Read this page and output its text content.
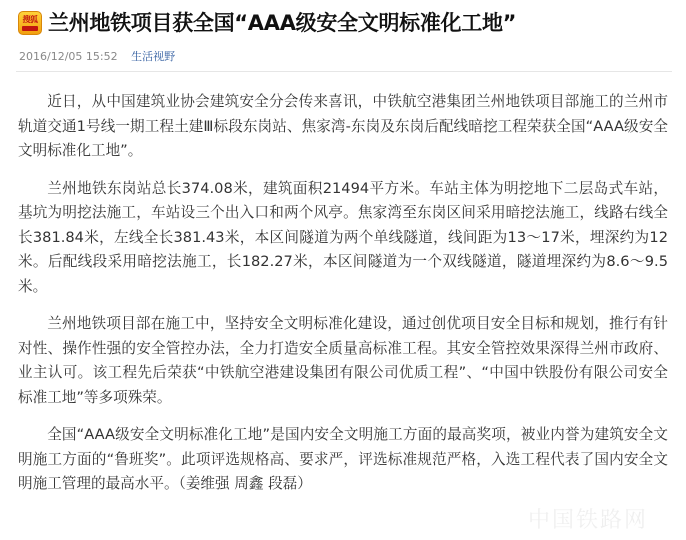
搜狐 兰州地铁项目获全国“AAA级安全文明标准化工地”
2016/12/05 15:52 生活视野

近日，从中国建筑业协会建筑安全分会传来喜讯，中铁航空港集团兰州地铁项目部施工的兰州市轨道交通1号线一期工程土建Ⅲ标段东岗站、焦家湾-东岗及东岗后配线暗挖工程荣获全国“AAA级安全文明标准化工地”。

兰州地铁东岗站总长374.08米，建筑面积21494平方米。车站主体为明挖地下二层岛式车站，基坑为明挖法施工，车站设三个出入口和两个风亭。焦家湾至东岗区间采用暗挖法施工，线路右线全长381.84米，左线全长381.43米，本区间隧道为两个单线隧道，线间距为13～17米，埋深约为12米。后配线段采用暗挖法施工，长182.27米，本区间隧道为一个双线隧道，隧道埋深约为8.6～9.5米。

兰州地铁项目部在施工中，坚持安全文明标准化建设，通过创优项目安全目标和规划，推行有针对性、操作性强的安全管控办法，全力打造安全质量高标准工程。其安全管控效果深得兰州市政府、业主认可。该工程先后荣获“中铁航空港建设集团有限公司优质工程”、“中国中铁股份有限公司安全标准工地”等多项殊荣。

全国“AAA级安全文明标准化工地”是国内安全文明施工方面的最高奖项，被业内誉为建筑安全文明施工方面的“鲁班奖”。此项评选规格高、要求严，评选标准规范严格，入选工程代表了国内安全文明施工管理的最高水平。（姜维强 周鑫 段磊）

中国铁路网
